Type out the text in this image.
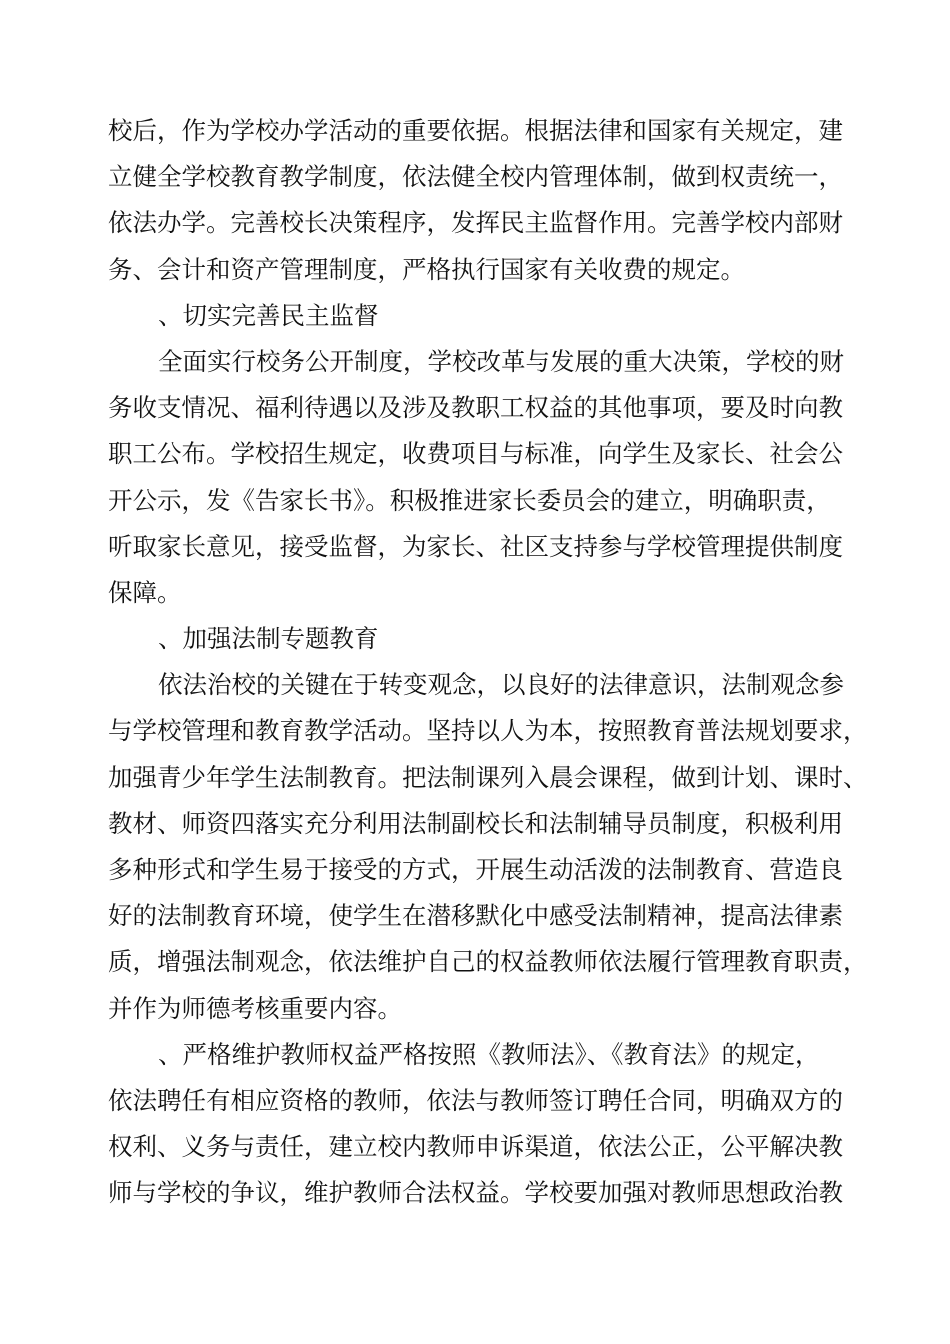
校后，作为学校办学活动的重要依据。根据法律和国家有关规定，建
立健全学校教育教学制度，依法健全校内管理体制，做到权责统一，
依法办学。完善校长决策程序，发挥民主监督作用。完善学校内部财
务、会计和资产管理制度，严格执行国家有关收费的规定。
、切实完善民主监督
全面实行校务公开制度，学校改革与发展的重大决策，学校的财
务收支情况、福利待遇以及涉及教职工权益的其他事项，要及时向教
职工公布。学校招生规定，收费项目与标准，向学生及家长、社会公
开公示，发《告家长书》。积极推进家长委员会的建立，明确职责，
听取家长意见，接受监督，为家长、社区支持参与学校管理提供制度
保障。
、加强法制专题教育
依法治校的关键在于转变观念，以良好的法律意识，法制观念参
与学校管理和教育教学活动。坚持以人为本，按照教育普法规划要求，
加强青少年学生法制教育。把法制课列入晨会课程，做到计划、课时、
教材、师资四落实充分利用法制副校长和法制辅导员制度，积极利用
多种形式和学生易于接受的方式，开展生动活泼的法制教育、营造良
好的法制教育环境，使学生在潜移默化中感受法制精神，提高法律素
质，增强法制观念，依法维护自己的权益教师依法履行管理教育职责，
并作为师德考核重要内容。
、严格维护教师权益严格按照《教师法》、《教育法》的规定，
依法聘任有相应资格的教师，依法与教师签订聘任合同，明确双方的
权利、义务与责任，建立校内教师申诉渠道，依法公正，公平解决教
师与学校的争议，维护教师合法权益。学校要加强对教师思想政治教
